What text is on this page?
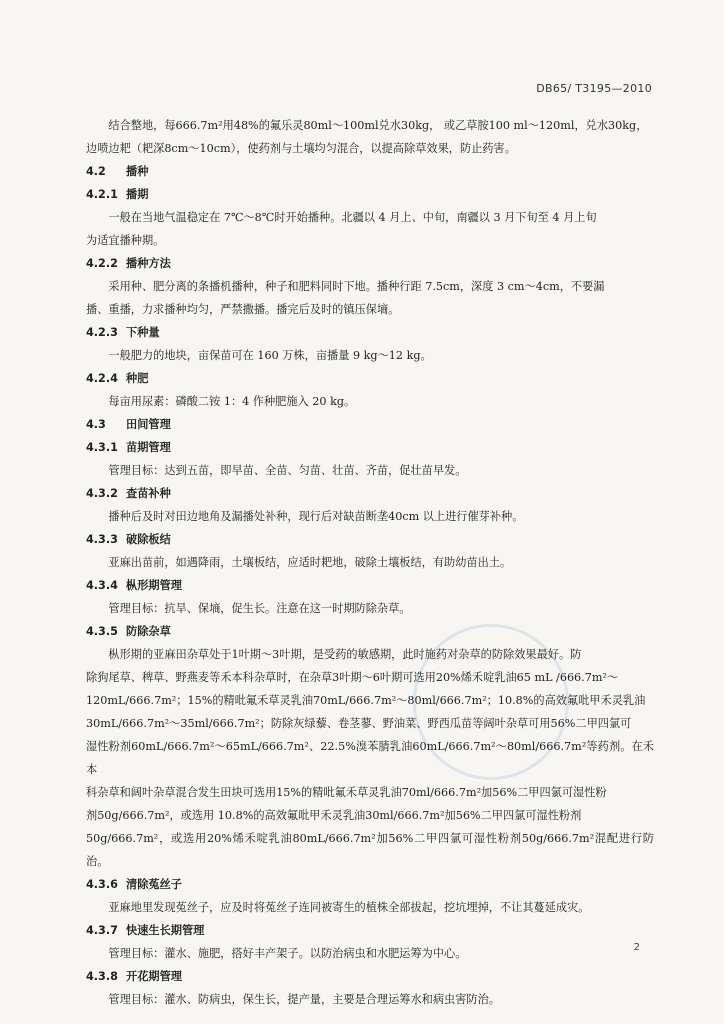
DB65/ T3195—2010

结合整地，每666.7m²用48%的氟乐灵80ml～100ml兑水30kg， 或乙草胺100 ml～120ml，兑水30kg，

边喷边耙（耙深8cm～10cm），使药剂与土壤均匀混合，以提高除草效果，防止药害。

4.2 播种

4.2.1 播期

一般在当地气温稳定在 7℃～8℃时开始播种。北疆以 4 月上、中旬，南疆以 3 月下旬至 4 月上旬

为适宜播种期。

4.2.2 播种方法

采用种、肥分离的条播机播种，种子和肥料同时下地。播种行距 7.5cm，深度 3 cm～4cm，不要漏

播、重播，力求播种均匀，严禁撒播。播完后及时的镇压保墒。

4.2.3 下种量

一般肥力的地块，亩保苗可在 160 万株，亩播量 9 kg～12 kg。

4.2.4 种肥

每亩用尿素：磷酸二铵 1：4 作种肥施入 20 kg。

4.3 田间管理

4.3.1 苗期管理

管理目标：达到五苗，即早苗、全苗、匀苗、壮苗、齐苗，促壮苗早发。

4.3.2 查苗补种

播种后及时对田边地角及漏播处补种，现行后对缺苗断垄40cm 以上进行催芽补种。

4.3.3 破除板结

亚麻出苗前，如遇降雨，土壤板结，应适时耙地，破除土壤板结，有助幼苗出土。

4.3.4 枞形期管理

管理目标：抗旱、保墒，促生长。注意在这一时期防除杂草。

4.3.5 防除杂草

枞形期的亚麻田杂草处于1叶期～3叶期，是受药的敏感期，此时施药对杂草的防除效果最好。防

除狗尾草、稗草、野燕麦等禾本科杂草时，在杂草3叶期～6叶期可选用20%烯禾啶乳油65 mL /666.7m²～

120mL/666.7m²；15%的精吡氟禾草灵乳油70mL/666.7m²～80ml/666.7m²；10.8%的高效氟吡甲禾灵乳油

30mL/666.7m²～35ml/666.7m²；防除灰绿藜、卷茎蓼、野油菜、野西瓜苗等阔叶杂草可用56%二甲四氯可

湿性粉剂60mL/666.7m²～65mL/666.7m²、22.5%溴苯腈乳油60mL/666.7m²～80ml/666.7m²等药剂。在禾本

科杂草和阔叶杂草混合发生田块可选用15%的精吡氟禾草灵乳油70ml/666.7m²加56%二甲四氯可湿性粉

剂50g/666.7m²，或选用 10.8%的高效氟吡甲禾灵乳油30ml/666.7m²加56%二甲四氯可湿性粉剂

50g/666.7m²，或选用20%烯禾啶乳油80mL/666.7m²加56%二甲四氯可湿性粉剂50g/666.7m²混配进行防治。

4.3.6 清除菟丝子

亚麻地里发现菟丝子，应及时将菟丝子连同被寄生的植株全部拔起，挖坑埋掉，不让其蔓延成灾。

4.3.7 快速生长期管理

管理目标：灌水、施肥，搭好丰产架子。以防治病虫和水肥运筹为中心。

4.3.8 开花期管理

管理目标：灌水、防病虫，保生长，提产量，主要是合理运筹水和病虫害防治。

2
